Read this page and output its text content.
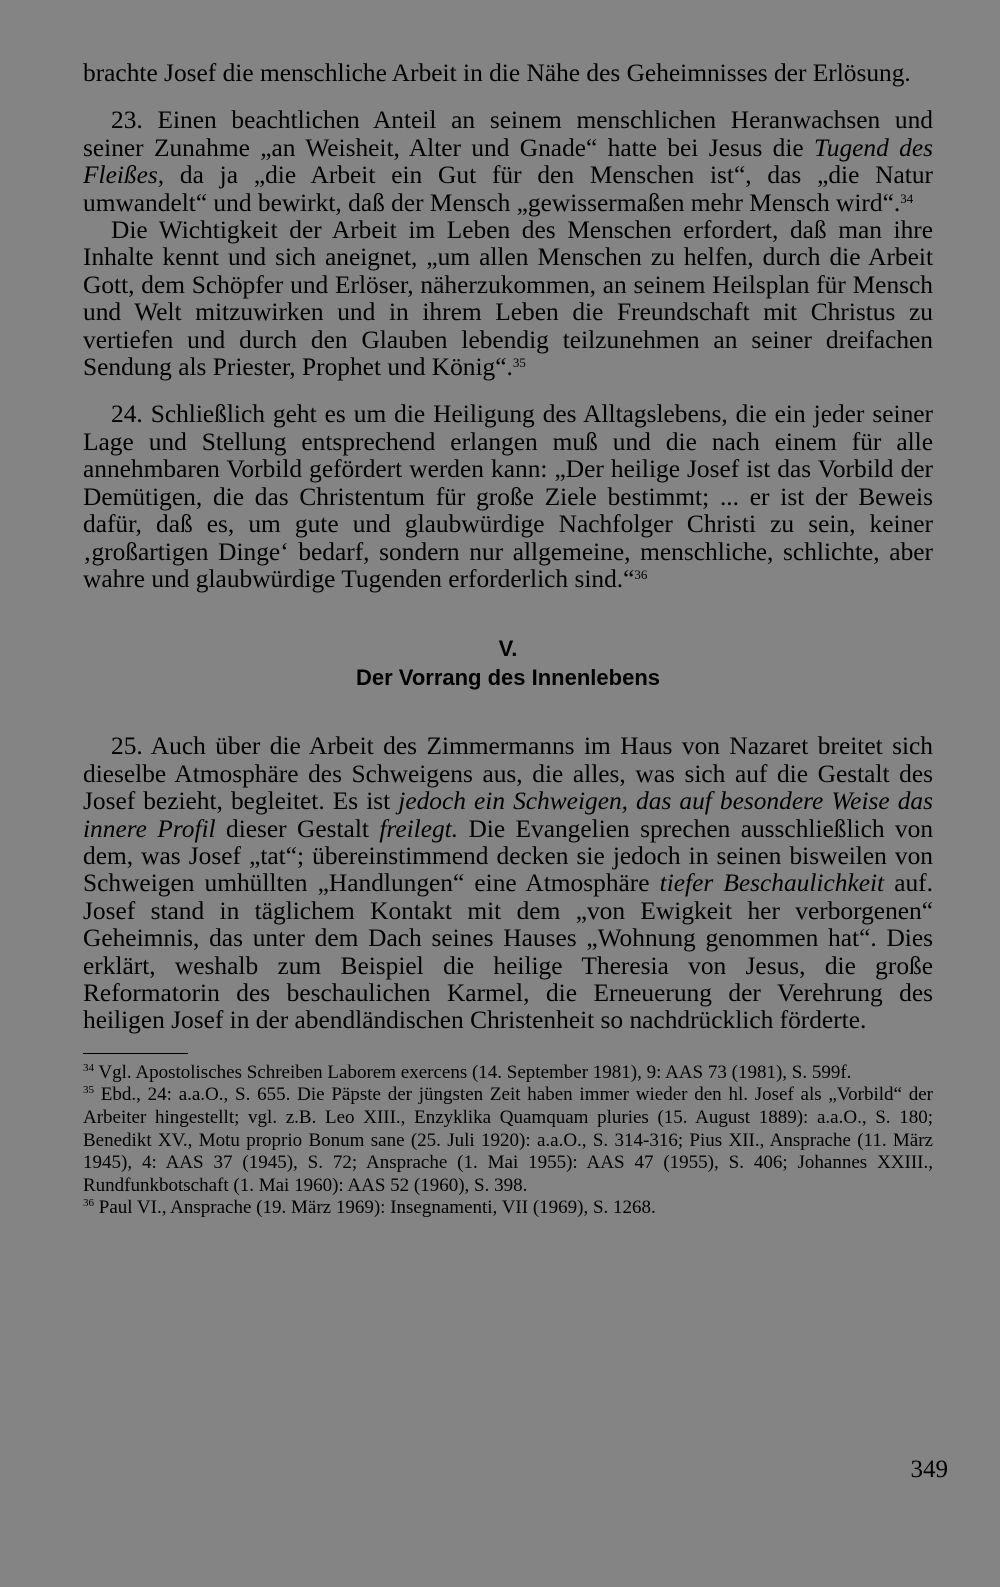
brachte Josef die menschliche Arbeit in die Nähe des Geheimnisses der Erlösung.

23. Einen beachtlichen Anteil an seinem menschlichen Heranwachsen und seiner Zunahme „an Weisheit, Alter und Gnade“ hatte bei Jesus die Tugend des Fleißes, da ja „die Arbeit ein Gut für den Menschen ist“, das „die Natur umwandelt“ und bewirkt, daß der Mensch „gewissermaßen mehr Mensch wird“.$^{34}$

Die Wichtigkeit der Arbeit im Leben des Menschen erfordert, daß man ihre Inhalte kennt und sich aneignet, „um allen Menschen zu helfen, durch die Arbeit Gott, dem Schöpfer und Erlöser, näherzukommen, an seinem Heilsplan für Mensch und Welt mitzuwirken und in ihrem Leben die Freundschaft mit Christus zu vertiefen und durch den Glauben lebendig teilzunehmen an seiner dreifachen Sendung als Priester, Prophet und König“.$^{35}$

24. Schließlich geht es um die Heiligung des Alltagslebens, die ein jeder seiner Lage und Stellung entsprechend erlangen muß und die nach einem für alle annehmbaren Vorbild gefördert werden kann: „Der heilige Josef ist das Vorbild der Demütigen, die das Christentum für große Ziele bestimmt; ... er ist der Beweis dafür, daß es, um gute und glaubwürdige Nachfolger Christi zu sein, keiner ‚großartigen Dinge‘ bedarf, sondern nur allgemeine, menschliche, schlichte, aber wahre und glaubwürdige Tugenden erforderlich sind.“$^{36}$

V.
Der Vorrang des Innenlebens

25. Auch über die Arbeit des Zimmermanns im Haus von Nazaret breitet sich dieselbe Atmosphäre des Schweigens aus, die alles, was sich auf die Gestalt des Josef bezieht, begleitet. Es ist jedoch ein Schweigen, das auf besondere Weise das innere Profil dieser Gestalt freilegt. Die Evangelien sprechen ausschließlich von dem, was Josef „tat“; übereinstimmend decken sie jedoch in seinen bisweilen von Schweigen umhüllten „Handlungen“ eine Atmosphäre tiefer Beschaulichkeit auf. Josef stand in täglichem Kontakt mit dem „von Ewigkeit her verborgenen“ Geheimnis, das unter dem Dach seines Hauses „Wohnung genommen hat“. Dies erklärt, weshalb zum Beispiel die heilige Theresia von Jesus, die große Reformatorin des beschaulichen Karmel, die Erneuerung der Verehrung des heiligen Josef in der abendländischen Christenheit so nachdrücklich förderte.

$^{34}$ Vgl. Apostolisches Schreiben Laborem exercens (14. September 1981), 9: AAS 73 (1981), S. 599f.

$^{35}$ Ebd., 24: a.a.O., S. 655. Die Päpste der jüngsten Zeit haben immer wieder den hl. Josef als „Vorbild“ der Arbeiter hingestellt; vgl. z.B. Leo XIII., Enzyklika Quamquam pluries (15. August 1889): a.a.O., S. 180; Benedikt XV., Motu proprio Bonum sane (25. Juli 1920): a.a.O., S. 314-316; Pius XII., Ansprache (11. März 1945), 4: AAS 37 (1945), S. 72; Ansprache (1. Mai 1955): AAS 47 (1955), S. 406; Johannes XXIII., Rundfunkbotschaft (1. Mai 1960): AAS 52 (1960), S. 398.

$^{36}$ Paul VI., Ansprache (19. März 1969): Insegnamenti, VII (1969), S. 1268.

349
